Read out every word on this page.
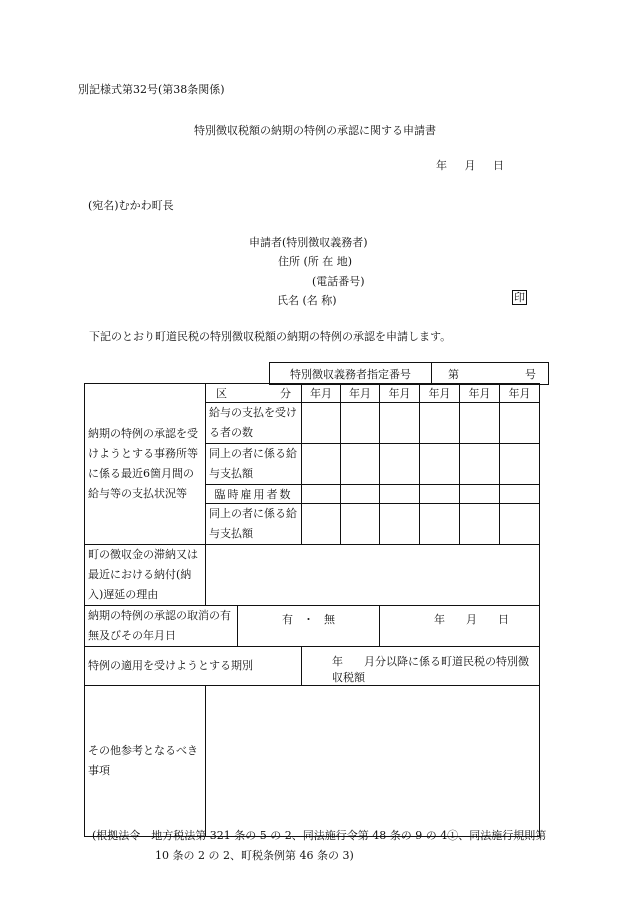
別記様式第32号(第38条関係)
特別徴収税額の納期の特例の承認に関する申請書
年 月 日
(宛名)むかわ町長
申請者(特別徴収義務者)
住所 (所 在 地)
(電話番号)
氏名 (名 称)	印
下記のとおり町道民税の特別徴収税額の納期の特例の承認を申請します。
特別徴収義務者指定番号	第	号
納期の特例の承認を受けようとする事務所等に係る最近6箇月間の給与等の支払状況等	区 分		年月	年月	年月	年月	年月	年月
	給与の支払を受ける者の数							
	同上の者に係る給与支払額							
	臨時雇用者数							
	同上の者に係る給与支払額							
町の徴収金の滞納又は最近における納付(納入)遅延の理由								
納期の特例の承認の取消の有無及びその年月日		有 ・ 無			年 月 日			

特例の適用を受けようとする期別			年 月分以降に係る町道民税の特別徴収税額					

その他参考となるべき事項								
(根拠法令　地方税法第 321 条の 5 の 2、同法施行令第 48 条の 9 の 4①、同法施行規則第
10 条の 2 の 2、町税条例第 46 条の 3)
